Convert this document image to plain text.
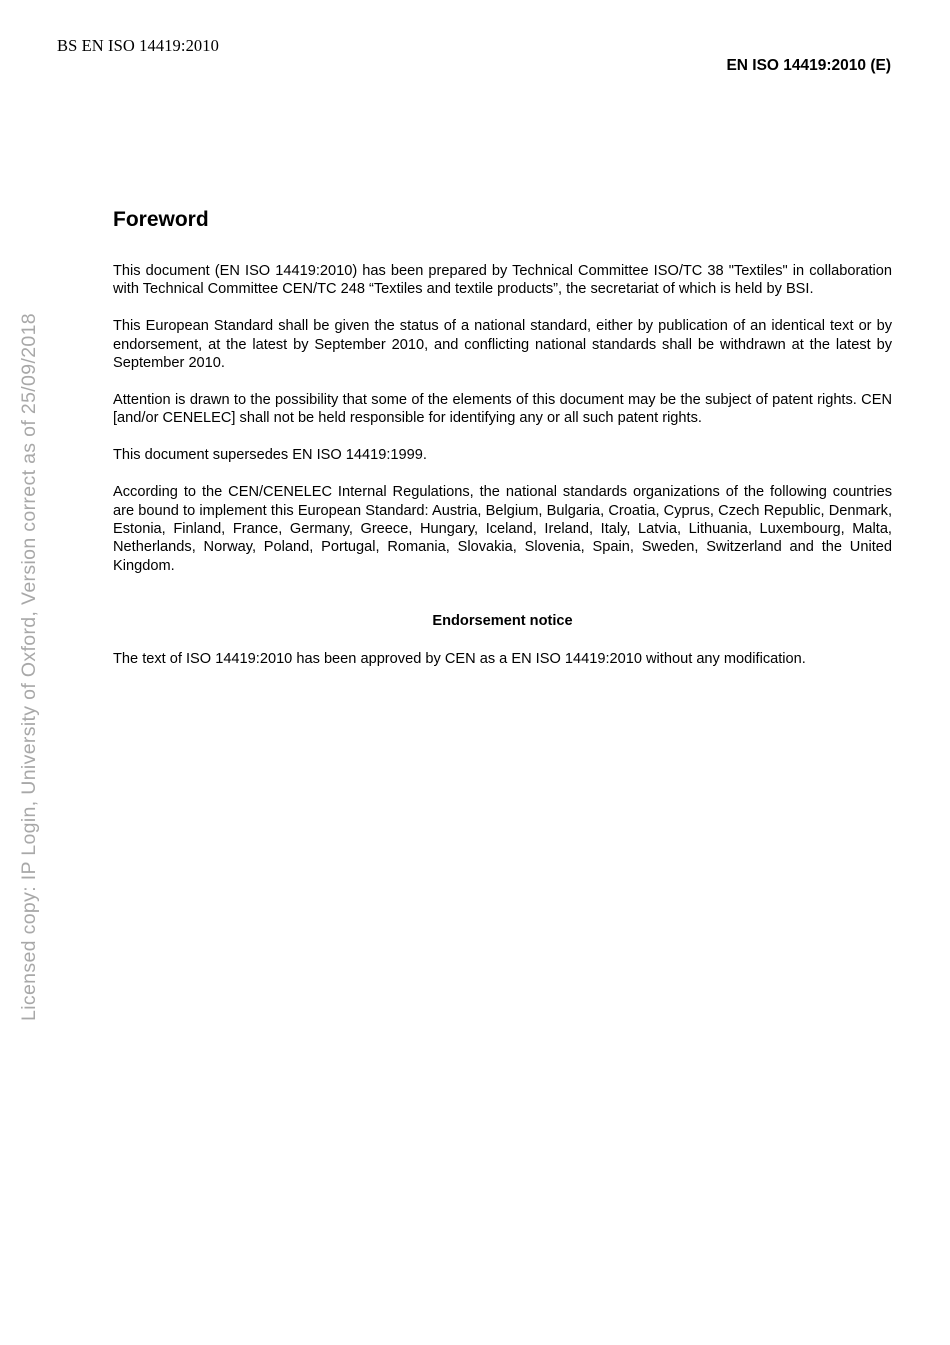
BS EN ISO 14419:2010
EN ISO 14419:2010 (E)
Licensed copy: IP Login, University of Oxford, Version correct as of 25/09/2018
Foreword

This document (EN ISO 14419:2010) has been prepared by Technical Committee ISO/TC 38 "Textiles" in collaboration with Technical Committee CEN/TC 248 “Textiles and textile products”, the secretariat of which is held by BSI.

This European Standard shall be given the status of a national standard, either by publication of an identical text or by endorsement, at the latest by September 2010, and conflicting national standards shall be withdrawn at the latest by September 2010.

Attention is drawn to the possibility that some of the elements of this document may be the subject of patent rights. CEN [and/or CENELEC] shall not be held responsible for identifying any or all such patent rights.

This document supersedes EN ISO 14419:1999.

According to the CEN/CENELEC Internal Regulations, the national standards organizations of the following countries are bound to implement this European Standard: Austria, Belgium, Bulgaria, Croatia, Cyprus, Czech Republic, Denmark, Estonia, Finland, France, Germany, Greece, Hungary, Iceland, Ireland, Italy, Latvia, Lithuania, Luxembourg, Malta, Netherlands, Norway, Poland, Portugal, Romania, Slovakia, Slovenia, Spain, Sweden, Switzerland and the United Kingdom.

Endorsement notice

The text of ISO 14419:2010 has been approved by CEN as a EN ISO 14419:2010 without any modification.
